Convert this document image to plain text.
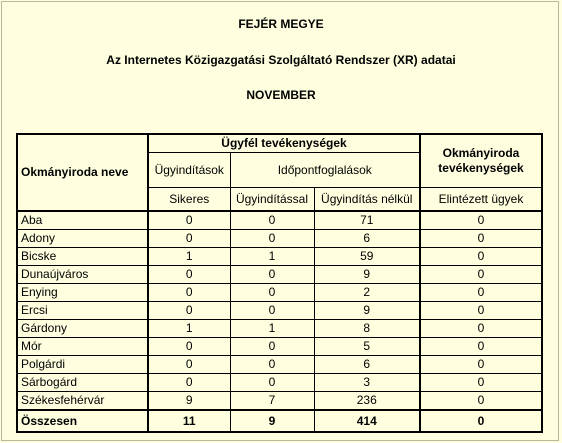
FEJÉR MEGYE
Az Internetes Közigazgatási Szolgáltató Rendszer (XR) adatai
NOVEMBER
Okmányiroda neve	Ügyfél tevékenységek			Okmányiroda tevékenységek
	Ügyindítások	Időpontfoglalások		
	Sikeres	Ügyindítással	Ügyindítás nélkül	Elintézett ügyek
Aba	0	0	71	0
Adony	0	0	6	0
Bicske	1	1	59	0
Dunaújváros	0	0	9	0
Enying	0	0	2	0
Ercsi	0	0	9	0
Gárdony	1	1	8	0
Mór	0	0	5	0
Polgárdi	0	0	6	0
Sárbogárd	0	0	3	0
Székesfehérvár	9	7	236	0
Összesen	11	9	414	0
